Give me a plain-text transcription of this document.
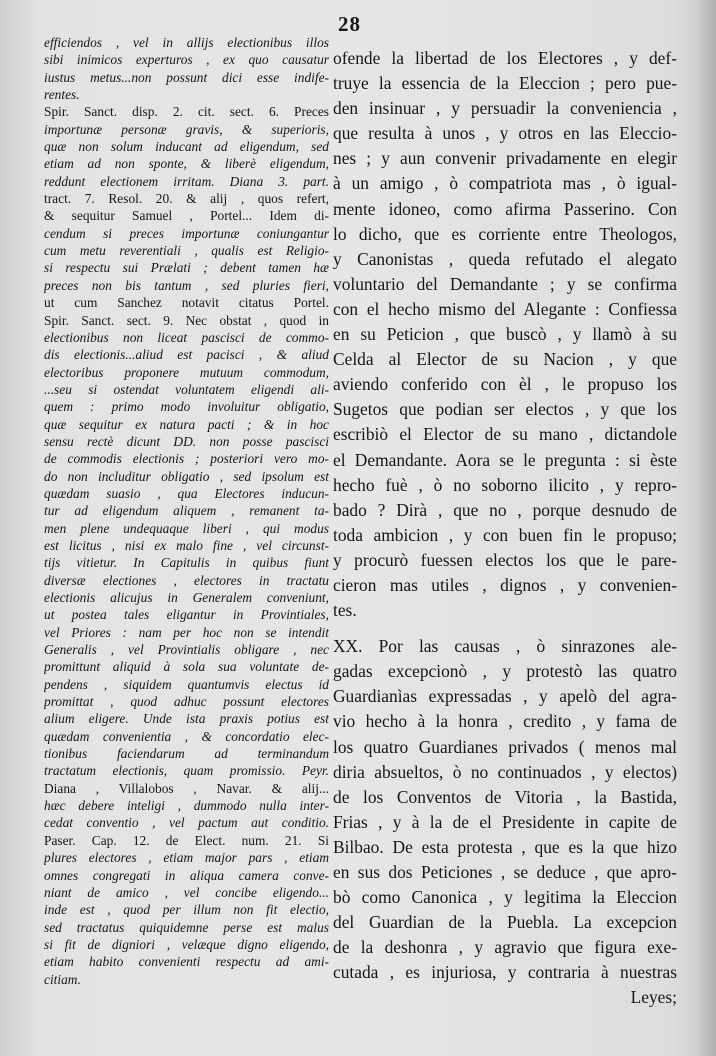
28
efficiendos , vel in allijs electionibus illos
sibi inimicos experturos , ex quo causatur
iustus metus...non possunt dici esse indife-
rentes.
Spir. Sanct. disp. 2. cit. sect. 6. Preces
importunæ personæ gravis, & superioris,
quæ non solum inducant ad eligendum, sed
etiam ad non sponte, & liberè eligendum,
reddunt electionem irritam. Diana 3. part.
tract. 7. Resol. 20. & alij , quos refert,
& sequitur Samuel , Portel... Idem di-
cendum si preces importunæ coniungantur
cum metu reverentiali , qualis est Religio-
si respectu sui Prælati ; debent tamen hæ
preces non bis tantum , sed pluries fieri,
ut cum Sanchez notavit citatus Portel.
Spir. Sanct. sect. 9. Nec obstat , quod in
electionibus non liceat pascisci de commo-
dis electionis...aliud est pacisci , & aliud
electoribus proponere mutuum commodum,
...seu si ostendat voluntatem eligendi ali-
quem : primo modo involuitur obligatio,
quæ sequitur ex natura pacti ; & in hoc
sensu rectè dicunt DD. non posse pascisci
de commodis electionis ; posteriori vero mo-
do non includitur obligatio , sed ipsolum est
quædam suasio , qua Electores inducun-
tur ad eligendum aliquem , remanent ta-
men plene undequaque liberi , qui modus
est licitus , nisi ex malo fine , vel circunst-
tijs vitietur. In Capitulis in quibus fiunt
diversæ electiones , electores in tractatu
electionis alicujus in Generalem conveniunt,
ut postea tales eligantur in Provintiales,
vel Priores : nam per hoc non se intendit
Generalis , vel Provintialis obligare , nec
promittunt aliquid à sola sua voluntate de-
pendens , siquidem quantumvis electus id
promittat , quod adhuc possunt electores
alium eligere. Unde ista praxis potius est
quædam convenientia , & concordatio elec-
tionibus faciendarum ad terminandum
tractatum electionis, quam promissio. Peyr.
Diana , Villalobos , Navar. & alij...
hæc debere inteligi , dummodo nulla inter-
cedat conventio , vel pactum aut conditio.
Paser. Cap. 12. de Elect. num. 21. Si
plures electores , etiam major pars , etiam
omnes congregati in aliqua camera conve-
niant de amico , vel concibe eligendo...
inde est , quod per illum non fit electio,
sed tractatus quiquidemne perse est malus
si fit de digniori , velæque digno eligendo,
etiam habito convenienti respectu ad ami-
citiam.
ofende la libertad de los Electores , y def-
truye la essencia de la Eleccion ; pero pue-
den insinuar , y persuadir la conveniencia ,
que resulta à unos , y otros en las Eleccio-
nes ; y aun convenir privadamente en elegir
à un amigo , ò compatriota mas , ò igual-
mente idoneo, como afirma Passerino. Con
lo dicho, que es corriente entre Theologos,
y Canonistas , queda refutado el alegato
voluntario del Demandante ; y se confirma
con el hecho mismo del Alegante : Confiessa
en su Peticion , que buscò , y llamò à su
Celda al Elector de su Nacion , y que
aviendo conferido con èl , le propuso los
Sugetos que podian ser electos , y que los
escribiò el Elector de su mano , dictandole
el Demandante. Aora se le pregunta : si èste
hecho fuè , ò no soborno ilicito , y repro-
bado ? Dirà , que no , porque desnudo de
toda ambicion , y con buen fin le propuso;
y procurò fuessen electos los que le pare-
cieron mas utiles , dignos , y convenien-
tes.
XX. Por las causas , ò sinrazones ale-
gadas excepcionò , y protestò las quatro
Guardianìas expressadas , y apelò del agra-
vio hecho à la honra , credito , y fama de
los quatro Guardianes privados ( menos mal
diria absueltos, ò no continuados , y electos)
de los Conventos de Vitoria , la Bastida,
Frias , y à la de el Presidente in capite de
Bilbao. De esta protesta , que es la que hizo
en sus dos Peticiones , se deduce , que apro-
bò como Canonica , y legitima la Eleccion
del Guardian de la Puebla. La excepcion
de la deshonra , y agravio que figura exe-
cutada , es injuriosa, y contraria à nuestras
Leyes;
